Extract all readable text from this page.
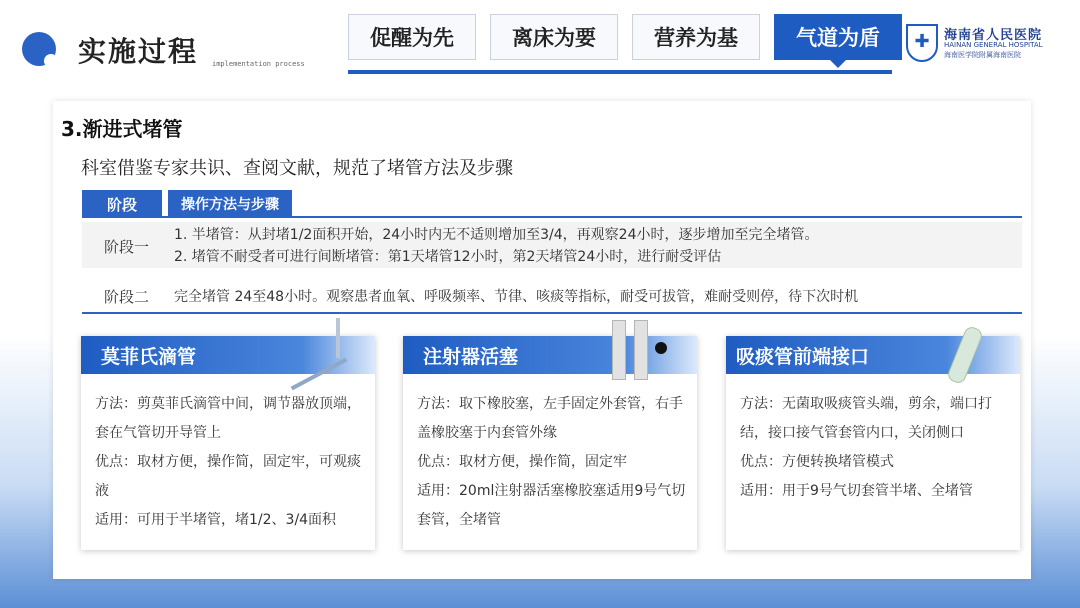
实施过程 implementation process
促醒为先	离床为要	营养为基	气道为盾	✚	海南省人民医院
HAINAN GENERAL HOSPITAL
海南医学院附属海南医院
3.渐进式堵管
科室借鉴专家共识、查阅文献，规范了堵管方法及步骤
阶段	操作方法与步骤
阶段一
1. 半堵管：从封堵1/2面积开始，24小时内无不适则增加至3/4，再观察24小时，逐步增加至完全堵管。
2. 堵管不耐受者可进行间断堵管：第1天堵管12小时，第2天堵管24小时，进行耐受评估
阶段二 完全堵管 24至48小时。观察患者血氧、呼吸频率、节律、咳痰等指标，耐受可拔管，难耐受则停，待下次时机
莫菲氏滴管

方法：剪莫菲氏滴管中间，调节器放顶端，套在气管切开导管上

优点：取材方便，操作简，固定牢，可观痰液

适用：可用于半堵管，堵1/2、3/4面积

注射器活塞

方法：取下橡胶塞，左手固定外套管，右手盖橡胶塞于内套管外缘

优点：取材方便，操作简，固定牢

适用：20ml注射器活塞橡胶塞适用9号气切套管，全堵管

吸痰管前端接口

方法：无菌取吸痰管头端，剪余，端口打结，接口接气管套管内口，关闭侧口

优点：方便转换堵管模式

适用：用于9号气切套管半堵、全堵管
